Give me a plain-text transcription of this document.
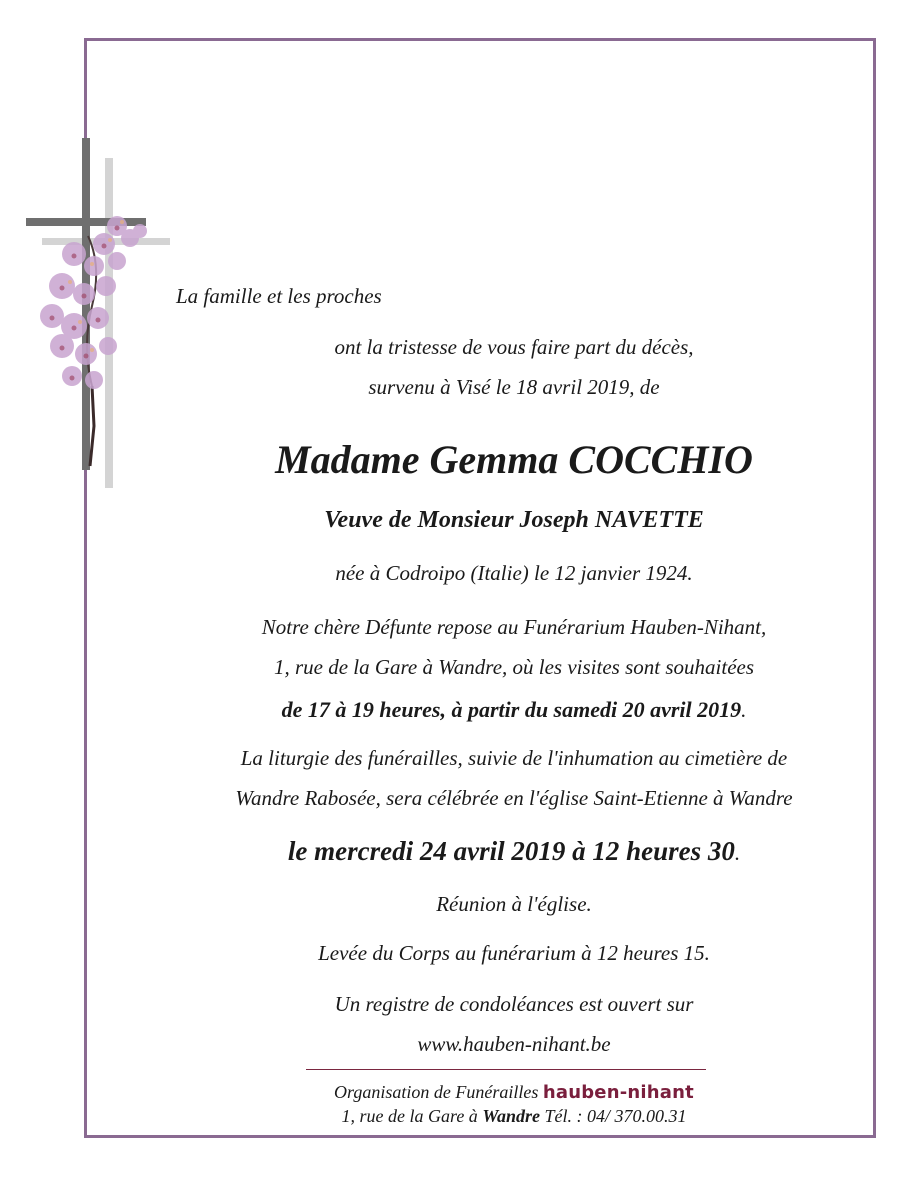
La famille et les proches
ont la tristesse de vous faire part du décès,
survenu à Visé le 18 avril 2019, de
Madame Gemma COCCHIO
Veuve de Monsieur Joseph NAVETTE
née à Codroipo (Italie) le 12 janvier 1924.
Notre chère Défunte repose au Funérarium Hauben-Nihant,
1, rue de la Gare à Wandre, où les visites sont souhaitées
de 17 à 19 heures, à partir du samedi 20 avril 2019.
La liturgie des funérailles, suivie de l'inhumation au cimetière de
Wandre Rabosée, sera célébrée en l'église Saint-Etienne à Wandre
le mercredi 24 avril 2019 à 12 heures 30.
Réunion à l'église.
Levée du Corps au funérarium à 12 heures 15.
Un registre de condoléances est ouvert sur
www.hauben-nihant.be
Organisation de Funérailles hauben-nihant
1, rue de la Gare à Wandre Tél. : 04/ 370.00.31
